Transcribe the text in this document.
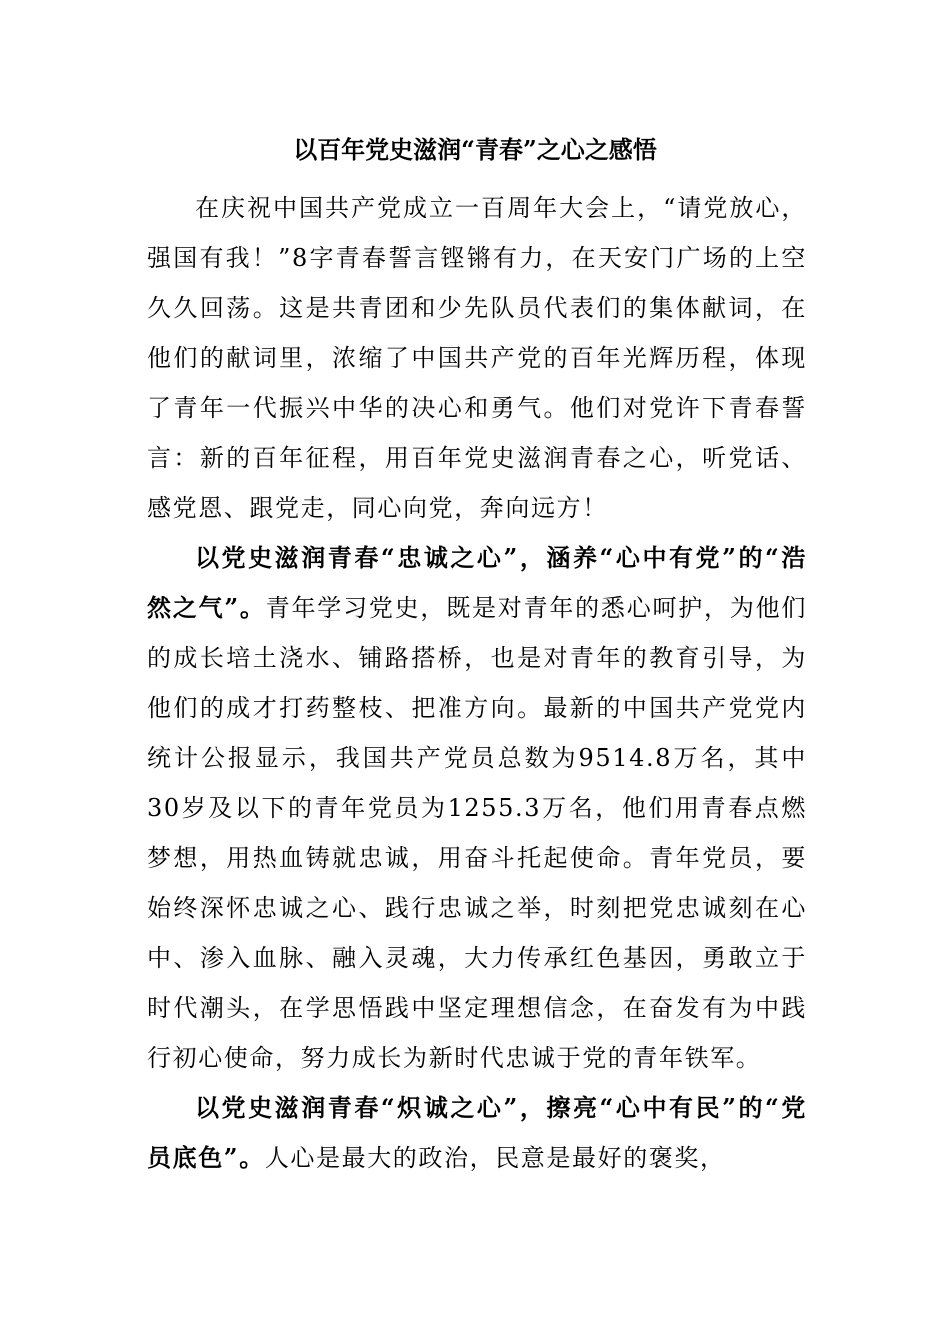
以百年党史滋润“青春”之心之感悟

在庆祝中国共产党成立一百周年大会上，“请党放心，强国有我！”8字青春誓言铿锵有力，在天安门广场的上空久久回荡。这是共青团和少先队员代表们的集体献词，在他们的献词里，浓缩了中国共产党的百年光辉历程，体现了青年一代振兴中华的决心和勇气。他们对党许下青春誓言：新的百年征程，用百年党史滋润青春之心，听党话、感党恩、跟党走，同心向党，奔向远方！

以党史滋润青春“忠诚之心”，涵养“心中有党”的“浩然之气”。青年学习党史，既是对青年的悉心呵护，为他们的成长培土浇水、铺路搭桥，也是对青年的教育引导，为他们的成才打药整枝、把准方向。最新的中国共产党党内统计公报显示，我国共产党员总数为9514.8万名，其中30岁及以下的青年党员为1255.3万名，他们用青春点燃梦想，用热血铸就忠诚，用奋斗托起使命。青年党员，要始终深怀忠诚之心、践行忠诚之举，时刻把党忠诚刻在心中、渗入血脉、融入灵魂，大力传承红色基因，勇敢立于时代潮头，在学思悟践中坚定理想信念，在奋发有为中践行初心使命，努力成长为新时代忠诚于党的青年铁军。

以党史滋润青春“炽诚之心”，擦亮“心中有民”的“党员底色”。人心是最大的政治，民意是最好的褒奖，
